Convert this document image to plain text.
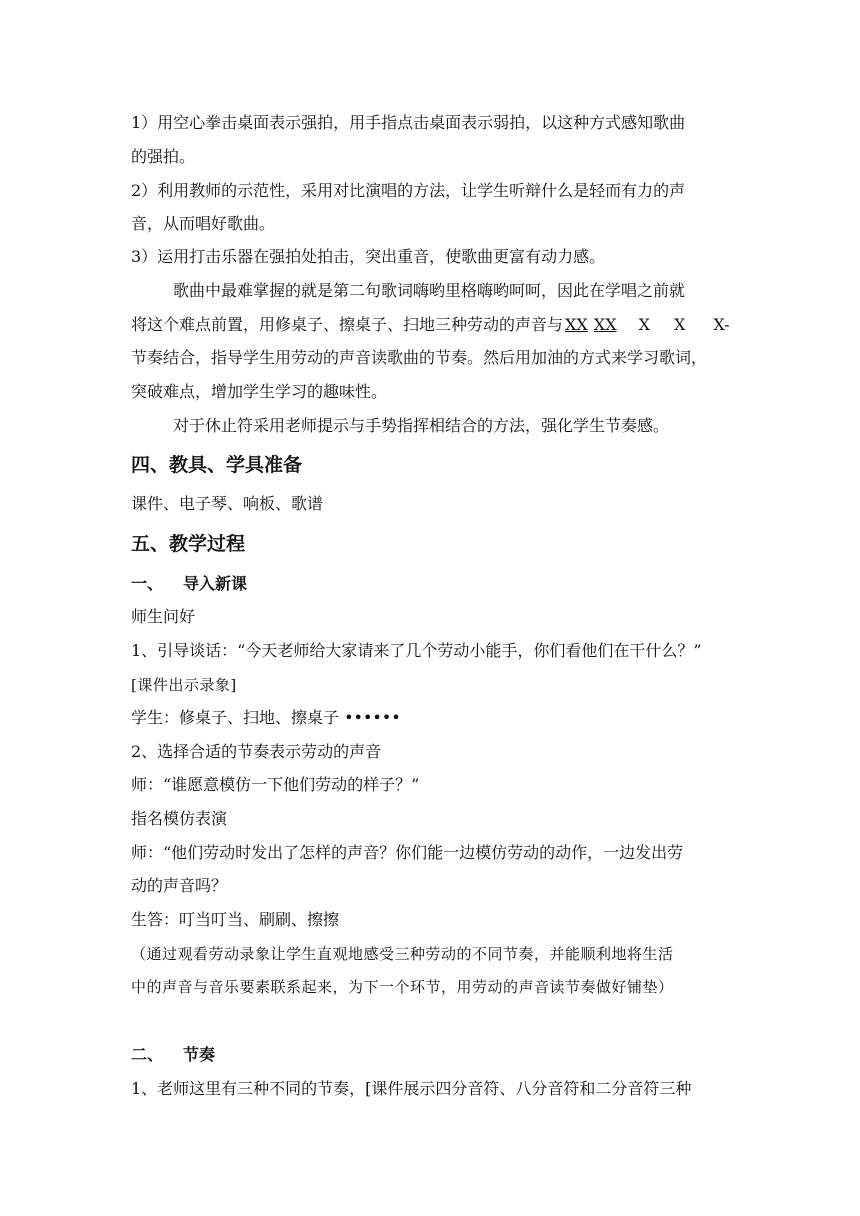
1）用空心拳击桌面表示强拍，用手指点击桌面表示弱拍，以这种方式感知歌曲
的强拍。
2）利用教师的示范性，采用对比演唱的方法，让学生听辩什么是轻而有力的声
音，从而唱好歌曲。
3）运用打击乐器在强拍处拍击，突出重音，使歌曲更富有动力感。
歌曲中最难掌握的就是第二句歌词嗨哟里格嗨哟呵呵，因此在学唱之前就
将这个难点前置，用修桌子、擦桌子、扫地三种劳动的声音与 XX XX X X X-
节奏结合，指导学生用劳动的声音读歌曲的节奏。然后用加油的方式来学习歌词，
突破难点，增加学生学习的趣味性。
对于休止符采用老师提示与手势指挥相结合的方法，强化学生节奏感。
四、教具、学具准备
课件、电子琴、响板、歌谱
五、教学过程
一、 导入新课
师生问好
1、引导谈话：“今天老师给大家请来了几个劳动小能手，你们看他们在干什么？”
[课件出示录象]
学生：修桌子、扫地、擦桌子 ••••••
2、选择合适的节奏表示劳动的声音
师：“谁愿意模仿一下他们劳动的样子？”
指名模仿表演
师：“他们劳动时发出了怎样的声音？你们能一边模仿劳动的动作，一边发出劳
动的声音吗？
生答：叮当叮当、刷刷、擦擦
（通过观看劳动录象让学生直观地感受三种劳动的不同节奏，并能顺利地将生活
中的声音与音乐要素联系起来，为下一个环节，用劳动的声音读节奏做好铺垫）
二、 节奏
1、老师这里有三种不同的节奏，[课件展示四分音符、八分音符和二分音符三种
